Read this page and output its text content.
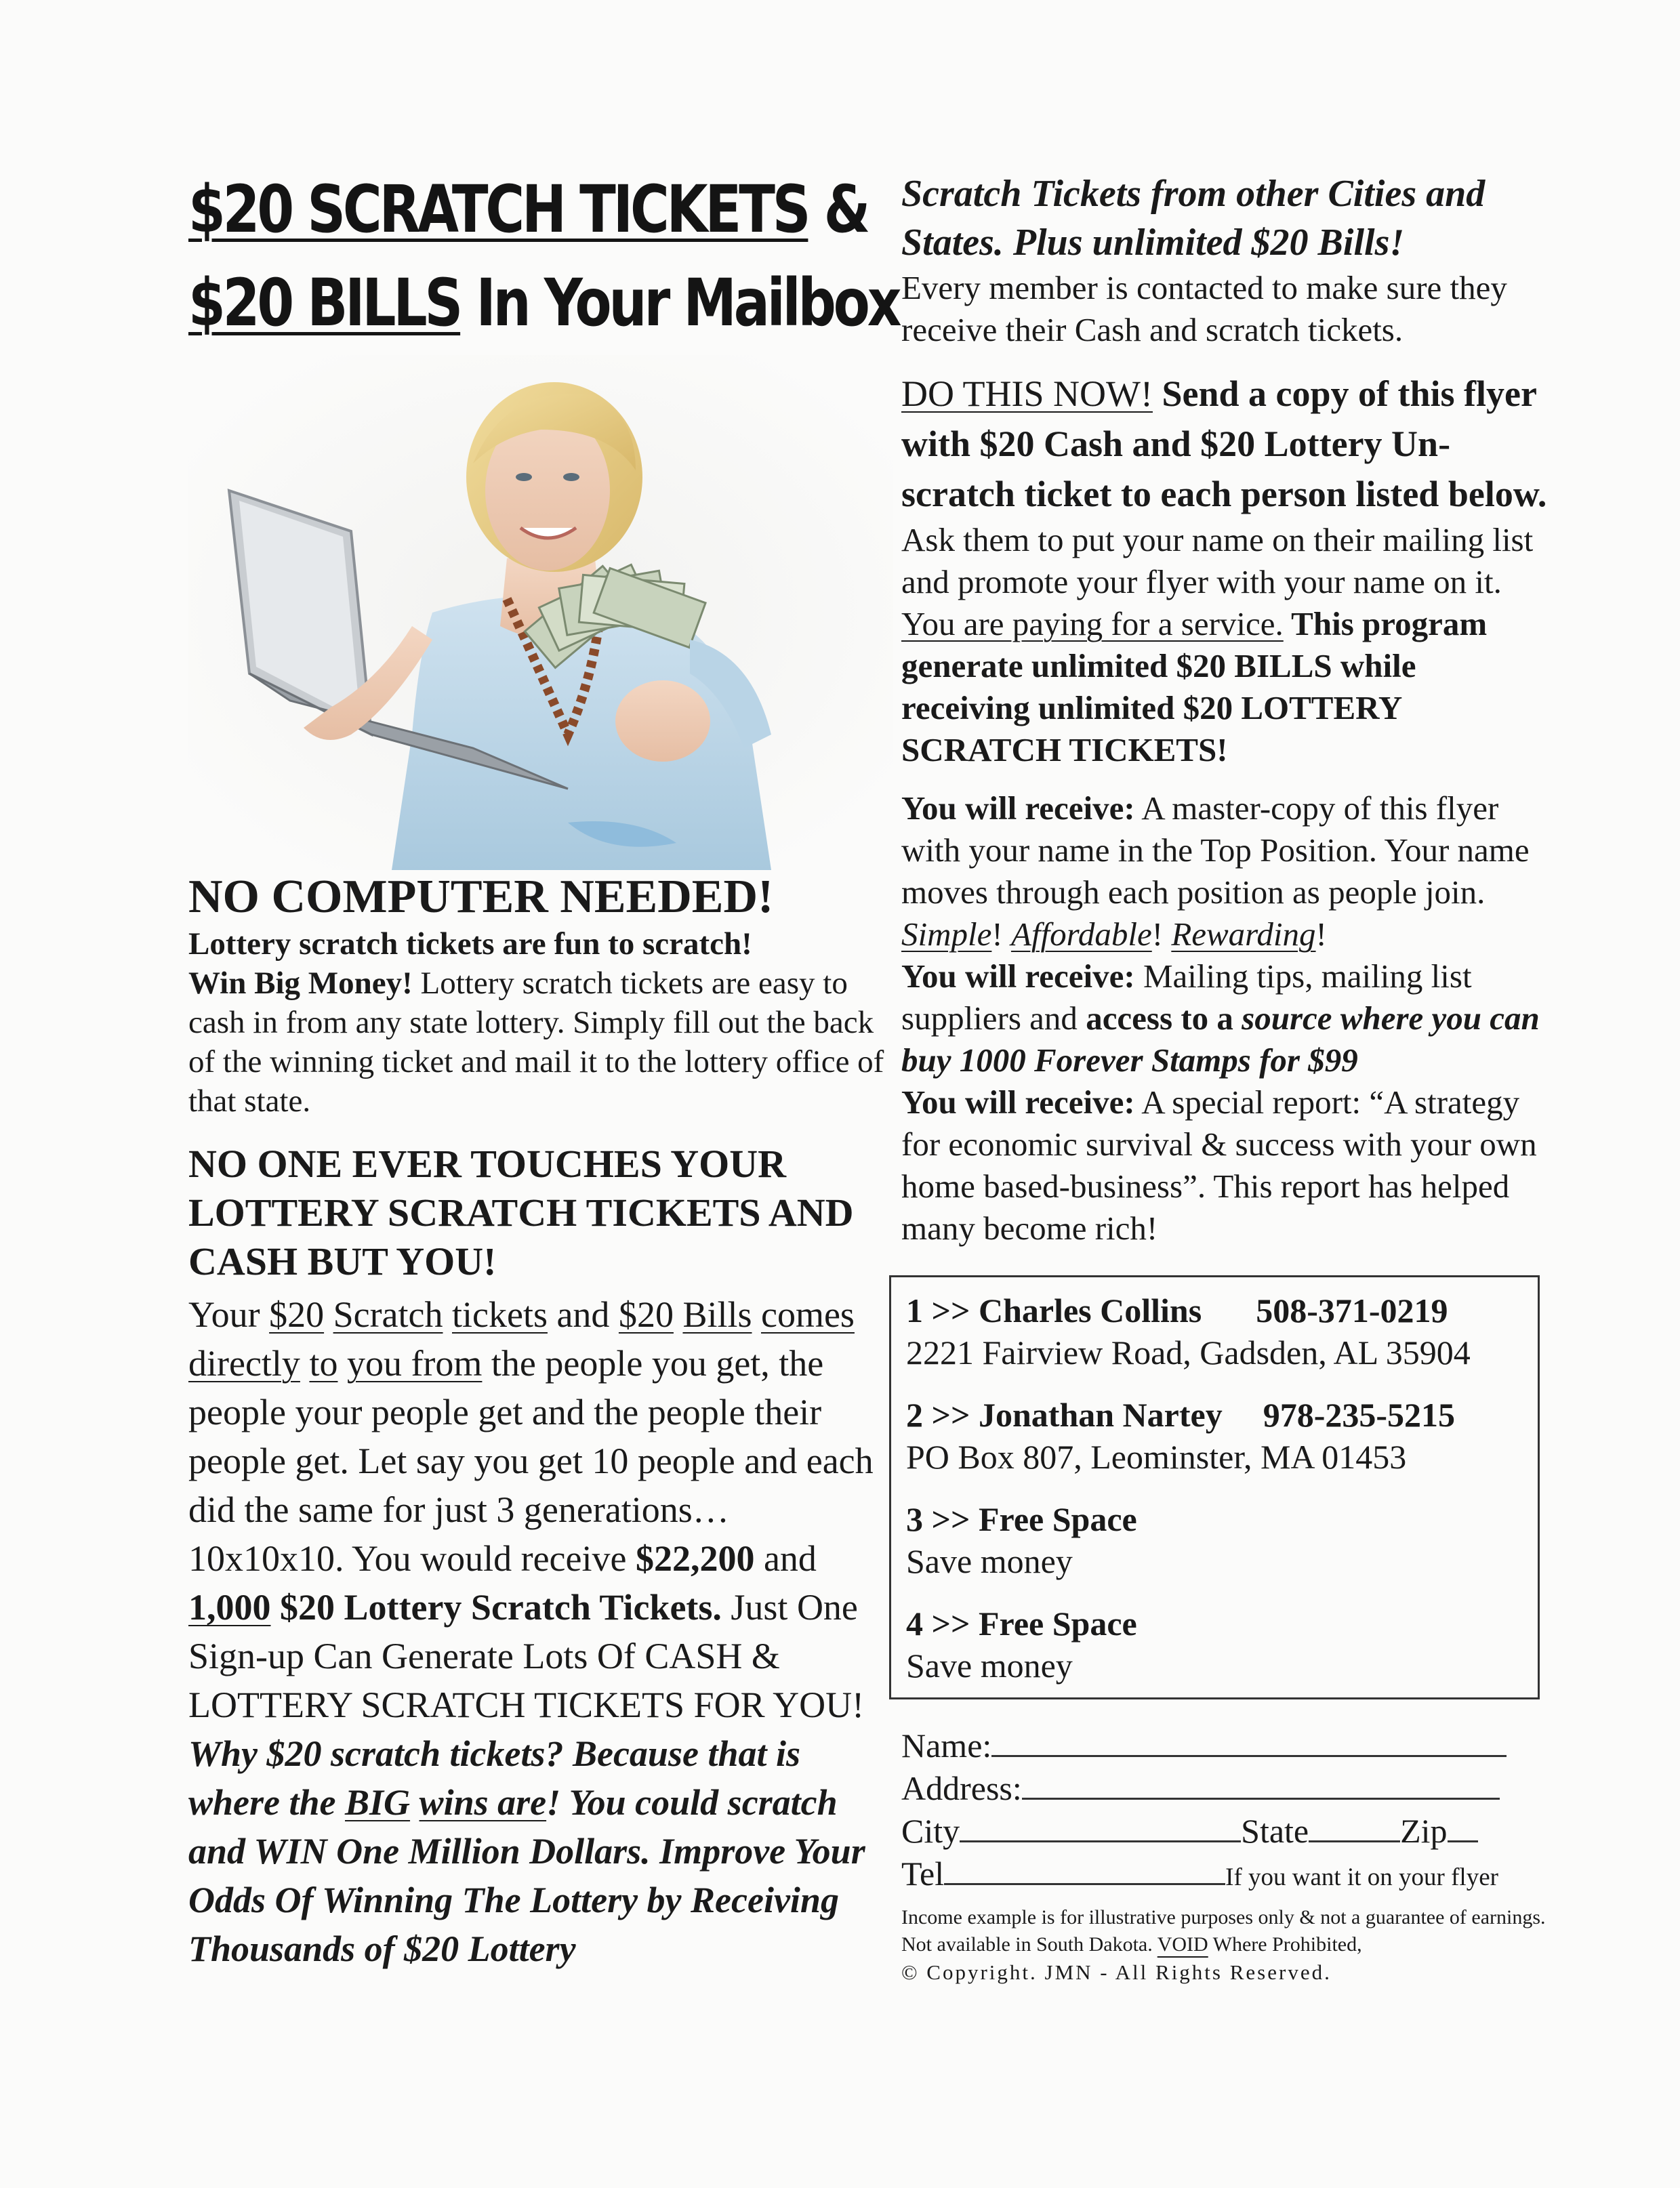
$20 SCRATCH TICKETS &
$20 BILLS In Your Mailbox
NO COMPUTER NEEDED!

Lottery scratch tickets are fun to scratch!

Win Big Money! Lottery scratch tickets are easy to cash in from any state lottery. Simply fill out the back of the winning ticket and mail it to the lottery office of that state.

NO ONE EVER TOUCHES YOUR LOTTERY SCRATCH TICKETS AND CASH BUT YOU!

Your $20 Scratch tickets and $20 Bills comes directly to you from the people you get, the people your people get and the people their people get. Let say you get 10 people and each did the same for just 3 generations… 10x10x10. You would receive $22,200 and 1,000 $20 Lottery Scratch Tickets. Just One Sign-up Can Generate Lots Of CASH & LOTTERY SCRATCH TICKETS FOR YOU! Why $20 scratch tickets? Because that is where the BIG wins are! You could scratch and WIN One Million Dollars. Improve Your Odds Of Winning The Lottery by Receiving Thousands of $20 Lottery

Scratch Tickets from other Cities and States. Plus unlimited $20 Bills!

Every member is contacted to make sure they receive their Cash and scratch tickets.

DO THIS NOW! Send a copy of this flyer with $20 Cash and $20 Lottery Un-scratch ticket to each person listed below. Ask them to put your name on their mailing list and promote your flyer with your name on it. You are paying for a service. This program generate unlimited $20 BILLS while receiving unlimited $20 LOTTERY SCRATCH TICKETS!

You will receive: A master-copy of this flyer with your name in the Top Position. Your name moves through each position as people join. Simple! Affordable! Rewarding!

You will receive: Mailing tips, mailing list suppliers and access to a source where you can buy 1000 Forever Stamps for $99

You will receive: A special report: “A strategy for economic survival & success with your own home based-business”. This report has helped many become rich!

1 >> Charles Collins 508-371-0219
2221 Fairview Road, Gadsden, AL 35904
2 >> Jonathan Nartey 978-235-5215
PO Box 807, Leominster, MA 01453
3 >> Free Space
Save money
4 >> Free Space
Save money
Name:
Address:
City	State	Zip
Tel	If you want it on your flyer
Income example is for illustrative purposes only & not a guarantee of earnings. Not available in South Dakota. VOID Where Prohibited,
© Copyright. JMN - All Rights Reserved.
